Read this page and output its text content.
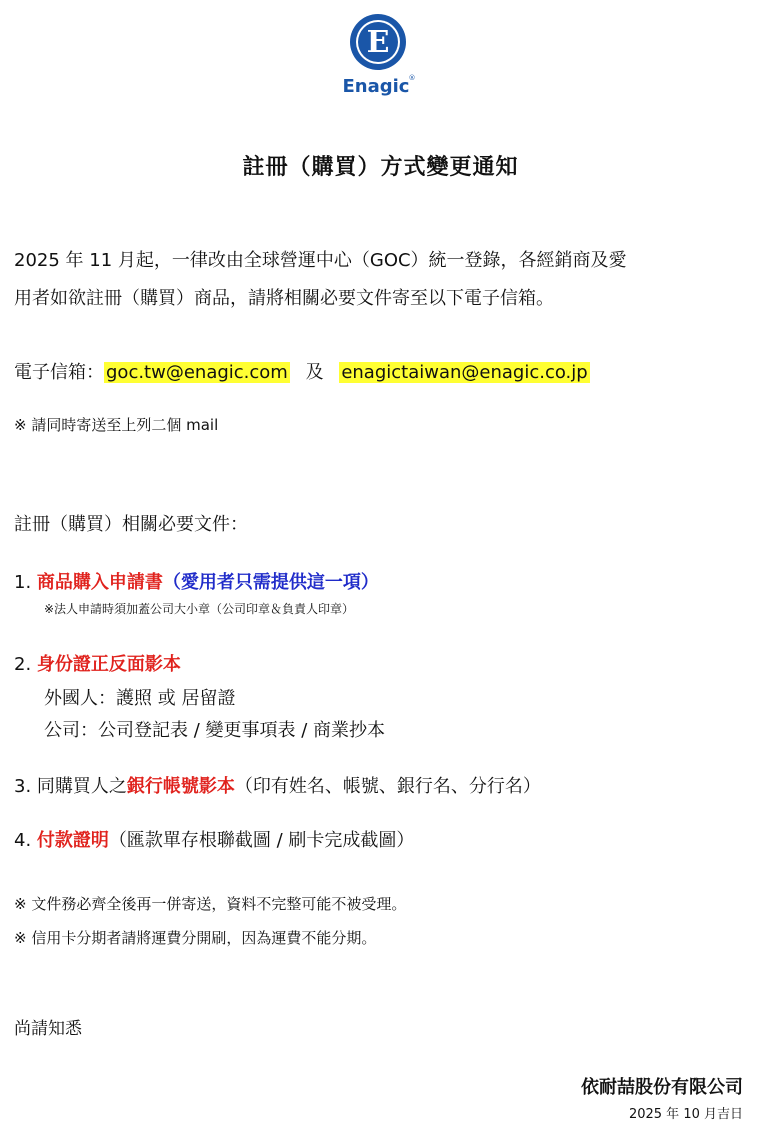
E
Enagic ®
註冊（購買）方式變更通知
2025 年 11 月起，一律改由全球營運中心（GOC）統一登錄，各經銷商及愛
用者如欲註冊（購買）商品，請將相關必要文件寄至以下電子信箱。
電子信箱： goc.tw@enagic.com 及 enagictaiwan@enagic.co.jp
※ 請同時寄送至上列二個 mail
註冊（購買）相關必要文件：
1. 商品購入申請書（愛用者只需提供這一項）
※法人申請時須加蓋公司大小章（公司印章＆負責人印章）
2. 身份證正反面影本
外國人：護照 或 居留證
公司：公司登記表 / 變更事項表 / 商業抄本
3. 同購買人之銀行帳號影本（印有姓名、帳號、銀行名、分行名）
4. 付款證明（匯款單存根聯截圖 / 刷卡完成截圖）
※ 文件務必齊全後再一併寄送，資料不完整可能不被受理。
※ 信用卡分期者請將運費分開刷，因為運費不能分期。
尚請知悉
依耐喆股份有限公司
2025 年 10 月吉日
